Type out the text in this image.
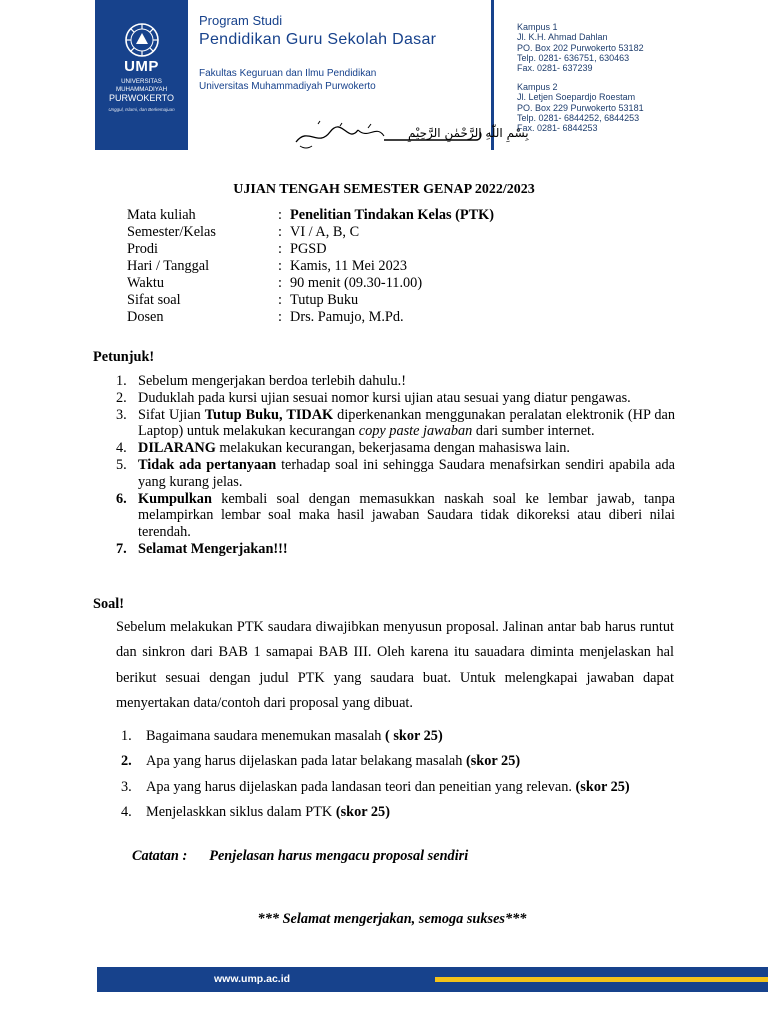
UMP
UNIVERSITAS
MUHAMMADIYAH
PURWOKERTO
Unggul, Islami, dan Berkemajuan
Program Studi
Pendidikan Guru Sekolah Dasar
Fakultas Keguruan dan Ilmu Pendidikan
Universitas Muhammadiyah Purwokerto
Kampus 1
Jl. K.H. Ahmad Dahlan
PO. Box 202 Purwokerto 53182
Telp. 0281- 636751, 630463
Fax. 0281- 637239
Kampus 2
Jl. Letjen Soepardjo Roestam
PO. Box 229 Purwokerto 53181
Telp. 0281- 6844252, 6844253
Fax. 0281- 6844253
بِسْمِ اللّٰهِ الرَّحْمٰنِ الرَّحِيْمِ
UJIAN TENGAH SEMESTER GENAP 2022/2023
Mata kuliah	:	Penelitian Tindakan Kelas (PTK)
Semester/Kelas	:	VI / A, B, C
Prodi	:	PGSD
Hari / Tanggal	:	Kamis, 11 Mei 2023
Waktu	:	90 menit (09.30-11.00)
Sifat soal	:	Tutup Buku
Dosen	:	Drs. Pamujo, M.Pd.
Petunjuk!
1. Sebelum mengerjakan berdoa terlebih dahulu.!
2. Duduklah pada kursi ujian sesuai nomor kursi ujian atau sesuai yang diatur pengawas.
3. Sifat Ujian Tutup Buku, TIDAK diperkenankan menggunakan peralatan elektronik (HP dan Laptop) untuk melakukan kecurangan copy paste jawaban dari sumber internet.
4. DILARANG melakukan kecurangan, bekerjasama dengan mahasiswa lain.
5. Tidak ada pertanyaan terhadap soal ini sehingga Saudara menafsirkan sendiri apabila ada yang kurang jelas.
6. Kumpulkan kembali soal dengan memasukkan naskah soal ke lembar jawab, tanpa melampirkan lembar soal maka hasil jawaban Saudara tidak dikoreksi atau diberi nilai terendah.
7. Selamat Mengerjakan!!!
Soal!

Sebelum melakukan PTK saudara diwajibkan menyusun proposal. Jalinan antar bab harus runtut dan sinkron dari BAB 1 samapai BAB III. Oleh karena itu sauadara diminta menjelaskan hal berikut sesuai dengan judul PTK yang saudara buat. Untuk melengkapai jawaban dapat menyertakan data/contoh dari proposal yang dibuat.

1. Bagaimana saudara menemukan masalah ( skor 25)
2. Apa yang harus dijelaskan pada latar belakang masalah (skor 25)
3. Apa yang harus dijelaskan pada landasan teori dan peneitian yang relevan. (skor 25)
4. Menjelaskkan siklus dalam PTK (skor 25)
Catatan : Penjelasan harus mengacu proposal sendiri
*** Selamat mengerjakan, semoga sukses***
www.ump.ac.id
